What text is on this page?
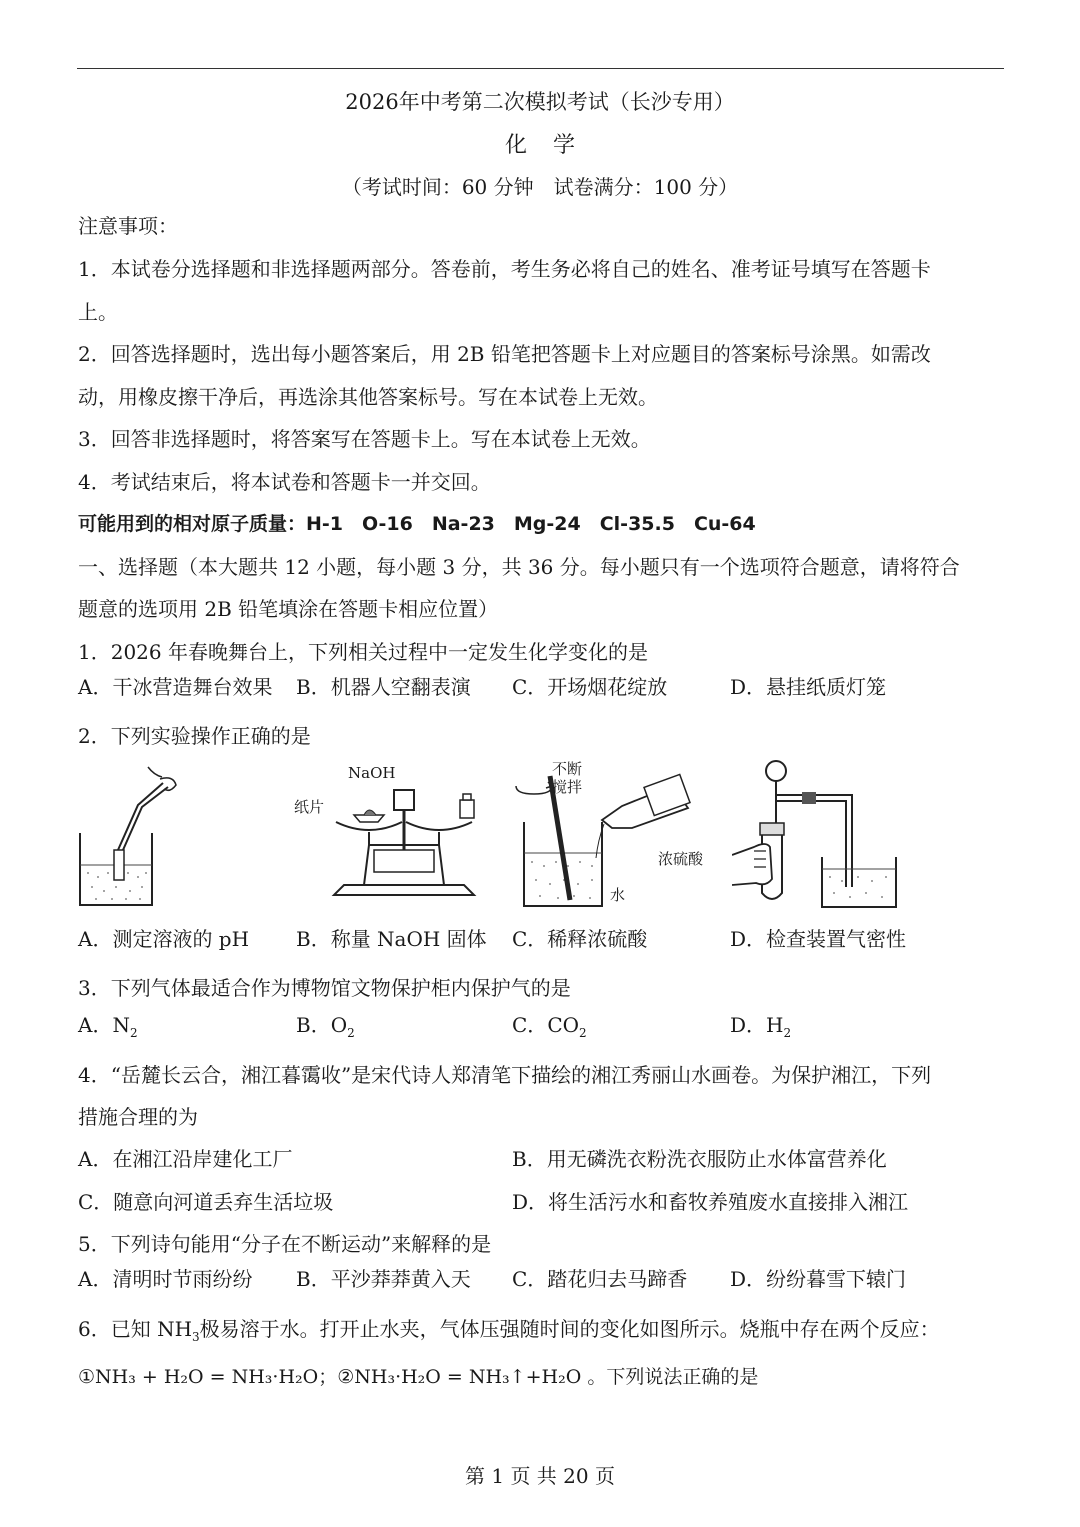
2026年中考第二次模拟考试（长沙专用）
化学
（考试时间：60 分钟　试卷满分：100 分）
注意事项：
1．本试卷分选择题和非选择题两部分。答卷前，考生务必将自己的姓名、准考证号填写在答题卡
上。
2．回答选择题时，选出每小题答案后，用 2B 铅笔把答题卡上对应题目的答案标号涂黑。如需改
动，用橡皮擦干净后，再选涂其他答案标号。写在本试卷上无效。
3．回答非选择题时，将答案写在答题卡上。写在本试卷上无效。
4．考试结束后，将本试卷和答题卡一并交回。
可能用到的相对原子质量：H-1　O-16　Na-23　Mg-24　Cl-35.5　Cu-64
一、选择题（本大题共 12 小题，每小题 3 分，共 36 分。每小题只有一个选项符合题意，请将符合
题意的选项用 2B 铅笔填涂在答题卡相应位置）
1．2026 年春晚舞台上，下列相关过程中一定发生化学变化的是
A．干冰营造舞台效果 B．机器人空翻表演 C．开场烟花绽放	D．悬挂纸质灯笼
2．下列实验操作正确的是
NaOH
纸片
不断
搅拌
浓硫酸
水
A．测定溶液的 pH B．称量 NaOH 固体 C．稀释浓硫酸	D．检查装置气密性
3．下列气体最适合作为博物馆文物保护柜内保护气的是
A．$N_2$	B．$O_2$	C．$CO_2$	D．$H_2$
4．“岳麓长云合，湘江暮霭收”是宋代诗人郑清笔下描绘的湘江秀丽山水画卷。为保护湘江，下列
措施合理的为
A．在湘江沿岸建化工厂	B．用无磷洗衣粉洗衣服防止水体富营养化
C．随意向河道丢弃生活垃圾	D．将生活污水和畜牧养殖废水直接排入湘江
5．下列诗句能用“分子在不断运动”来解释的是
A．清明时节雨纷纷 B．平沙莽莽黄入天 C．踏花归去马蹄香 D．纷纷暮雪下辕门
6．已知 $NH_3$极易溶于水。打开止水夹，气体压强随时间的变化如图所示。烧瓶中存在两个反应：
①NH₃ + H₂O = NH₃·H₂O；②NH₃·H₂O = NH₃↑+H₂O 。下列说法正确的是
第 1 页 共 20 页
